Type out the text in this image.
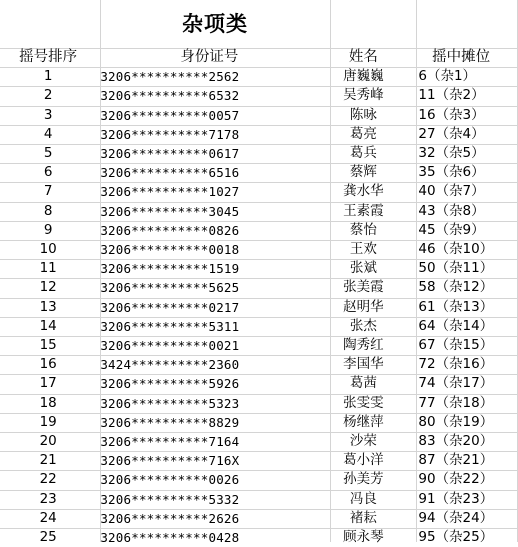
杂项类
摇号排序	身份证号	姓名	摇中摊位
1	3206**********2562	唐巍巍	6（杂1）
2	3206**********6532	吴秀峰	11（杂2）
3	3206**********0057	陈咏	16（杂3）
4	3206**********7178	葛亮	27（杂4）
5	3206**********0617	葛兵	32（杂5）
6	3206**********6516	蔡辉	35（杂6）
7	3206**********1027	龚水华	40（杂7）
8	3206**********3045	王素霞	43（杂8）
9	3206**********0826	蔡怡	45（杂9）
10	3206**********0018	王欢	46（杂10）
11	3206**********1519	张斌	50（杂11）
12	3206**********5625	张美霞	58（杂12）
13	3206**********0217	赵明华	61（杂13）
14	3206**********5311	张杰	64（杂14）
15	3206**********0021	陶秀红	67（杂15）
16	3424**********2360	李国华	72（杂16）
17	3206**********5926	葛茜	74（杂17）
18	3206**********5323	张雯雯	77（杂18）
19	3206**********8829	杨继萍	80（杂19）
20	3206**********7164	沙荣	83（杂20）
21	3206**********716X	葛小洋	87（杂21）
22	3206**********0026	孙美芳	90（杂22）
23	3206**********5332	冯良	91（杂23）
24	3206**********2626	褚耘	94（杂24）
25	3206**********0428	顾永琴	95（杂25）
